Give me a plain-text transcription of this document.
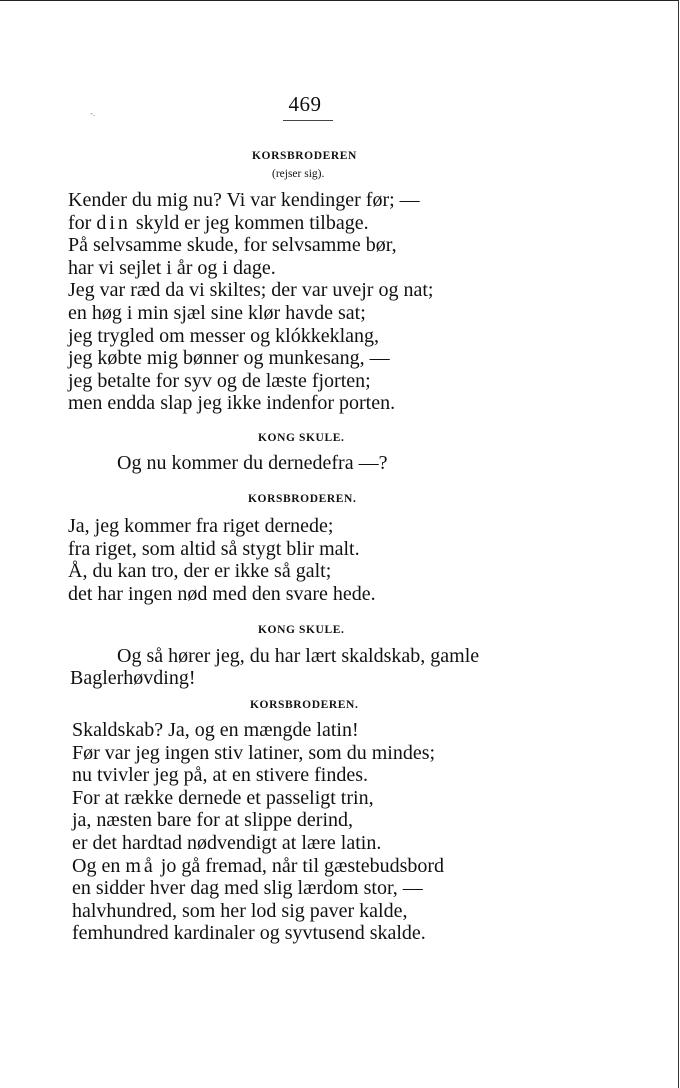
-.	469
KORSBRODEREN
(rejser sig).
Kender du mig nu? Vi var kendinger før; —
for din skyld er jeg kommen tilbage.
På selvsamme skude, for selvsamme bør,
har vi sejlet i år og i dage.
Jeg var ræd da vi skiltes; der var uvejr og nat;
en høg i min sjæl sine klør havde sat;
jeg trygled om messer og klókkeklang,
jeg købte mig bønner og munkesang, —
jeg betalte for syv og de læste fjorten;
men endda slap jeg ikke indenfor porten.
KONG SKULE.
Og nu kommer du dernedefra —?
KORSBRODEREN.
Ja, jeg kommer fra riget dernede;
fra riget, som altid så stygt blir malt.
Å, du kan tro, der er ikke så galt;
det har ingen nød med den svare hede.
KONG SKULE.
Og så hører jeg, du har lært skaldskab, gamle
Baglerhøvding!
KORSBRODEREN.
Skaldskab? Ja, og en mængde latin!
Før var jeg ingen stiv latiner, som du mindes;
nu tvivler jeg på, at en stivere findes.
For at række dernede et passeligt trin,
ja, næsten bare for at slippe derind,
er det hardtad nødvendigt at lære latin.
Og en må jo gå fremad, når til gæstebudsbord
en sidder hver dag med slig lærdom stor, —
halvhundred, som her lod sig paver kalde,
femhundred kardinaler og syvtusend skalde.
